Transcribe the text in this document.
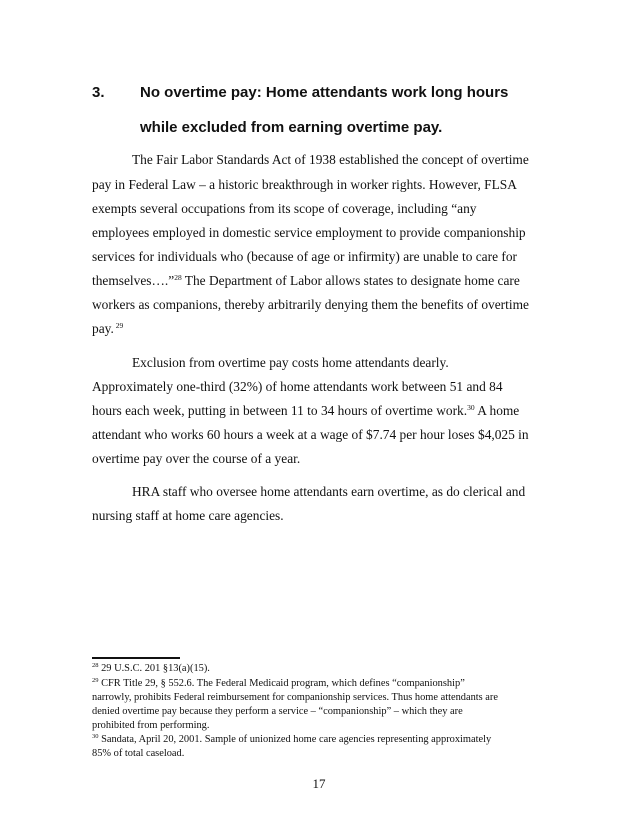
3. No overtime pay: Home attendants work long hours
while excluded from earning overtime pay.
The Fair Labor Standards Act of 1938 established the concept of overtime
pay in Federal Law – a historic breakthrough in worker rights. However, FLSA
exempts several occupations from its scope of coverage, including “any
employees employed in domestic service employment to provide companionship
services for individuals who (because of age or infirmity) are unable to care for
themselves….”$^{28}$ The Department of Labor allows states to designate home care
workers as companions, thereby arbitrarily denying them the benefits of overtime
pay. $^{29}$
Exclusion from overtime pay costs home attendants dearly.
Approximately one-third (32%) of home attendants work between 51 and 84
hours each week, putting in between 11 to 34 hours of overtime work.$^{30}$ A home
attendant who works 60 hours a week at a wage of $7.74 per hour loses $4,025 in
overtime pay over the course of a year.
HRA staff who oversee home attendants earn overtime, as do clerical and
nursing staff at home care agencies.
$^{28}$ 29 U.S.C. 201 §13(a)(15).
$^{29}$ CFR Title 29, § 552.6. The Federal Medicaid program, which defines “companionship”
narrowly, prohibits Federal reimbursement for companionship services. Thus home attendants are
denied overtime pay because they perform a service – “companionship” – which they are
prohibited from performing.
$^{30}$ Sandata, April 20, 2001. Sample of unionized home care agencies representing approximately
85% of total caseload.
17
